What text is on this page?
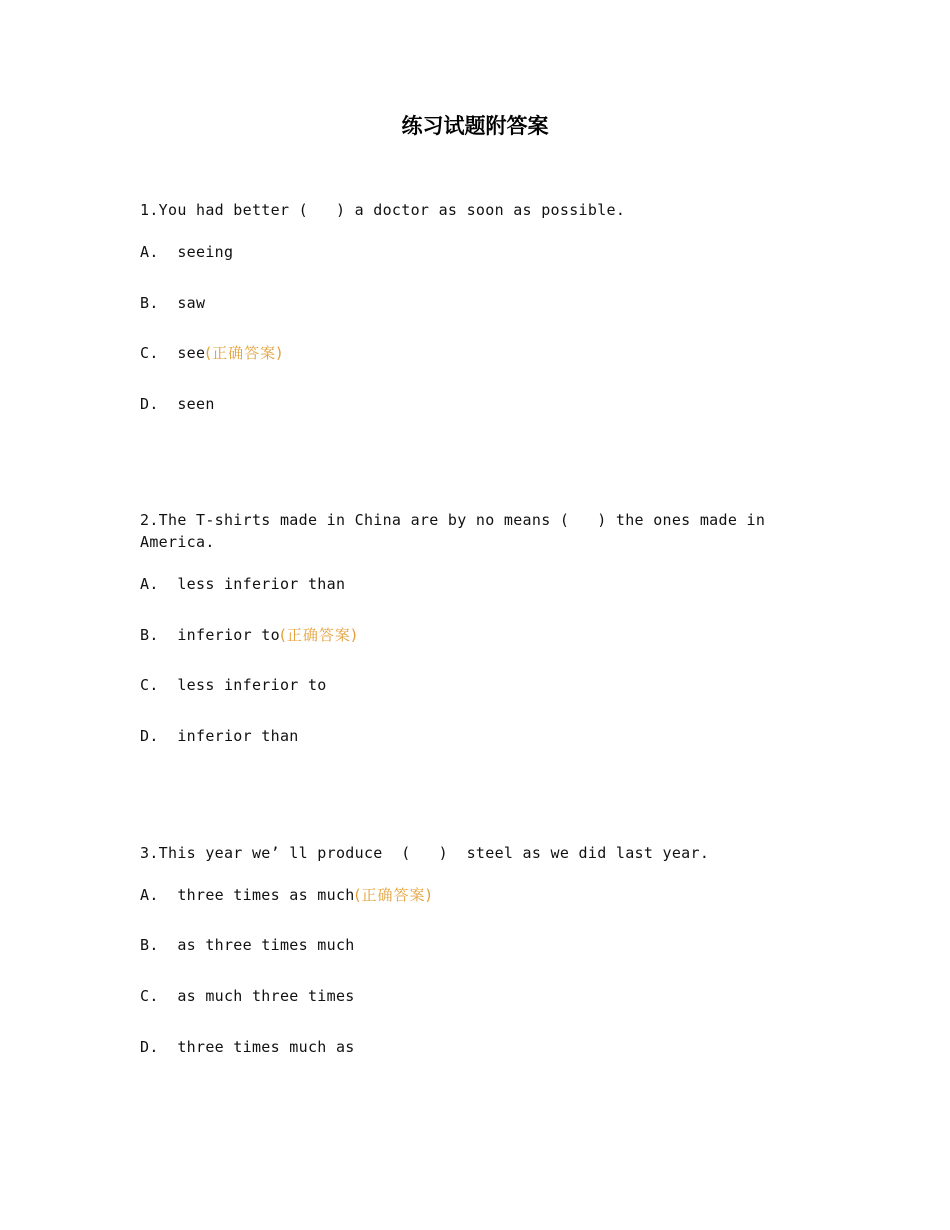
练习试题附答案

1.You had better (   ) a doctor as soon as possible.

A.  seeing

B.  saw

C.  see(正确答案)

D.  seen

2.The T-shirts made in China are by no means (   ) the ones made in America.

A.  less inferior than

B.  inferior to(正确答案)

C.  less inferior to

D.  inferior than

3.This year we’ ll produce  (   )  steel as we did last year.

A.  three times as much(正确答案)

B.  as three times much

C.  as much three times

D.  three times much as
